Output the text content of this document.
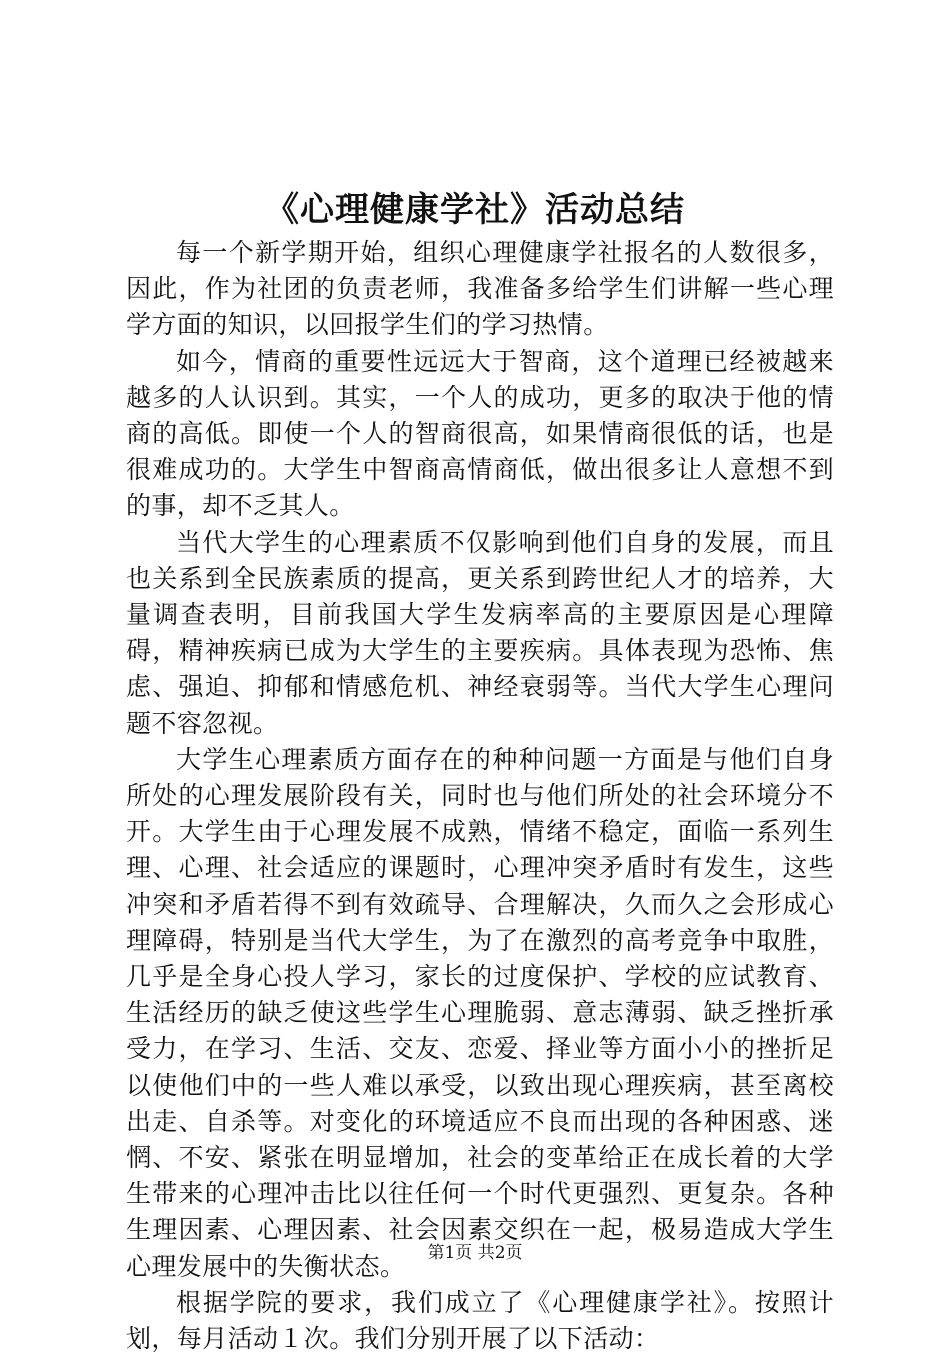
《心理健康学社》活动总结

每一个新学期开始，组织心理健康学社报名的人数很多，因此，作为社团的负责老师，我准备多给学生们讲解一些心理学方面的知识，以回报学生们的学习热情。

如今，情商的重要性远远大于智商，这个道理已经被越来越多的人认识到。其实，一个人的成功，更多的取决于他的情商的高低。即使一个人的智商很高，如果情商很低的话，也是很难成功的。大学生中智商高情商低，做出很多让人意想不到的事，却不乏其人。

当代大学生的心理素质不仅影响到他们自身的发展，而且也关系到全民族素质的提高，更关系到跨世纪人才的培养，大量调查表明，目前我国大学生发病率高的主要原因是心理障碍，精神疾病已成为大学生的主要疾病。具体表现为恐怖、焦虑、强迫、抑郁和情感危机、神经衰弱等。当代大学生心理问题不容忽视。

大学生心理素质方面存在的种种问题一方面是与他们自身所处的心理发展阶段有关，同时也与他们所处的社会环境分不开。大学生由于心理发展不成熟，情绪不稳定，面临一系列生理、心理、社会适应的课题时，心理冲突矛盾时有发生，这些冲突和矛盾若得不到有效疏导、合理解决，久而久之会形成心理障碍，特别是当代大学生，为了在激烈的高考竞争中取胜，几乎是全身心投人学习，家长的过度保护、学校的应试教育、生活经历的缺乏使这些学生心理脆弱、意志薄弱、缺乏挫折承受力，在学习、生活、交友、恋爱、择业等方面小小的挫折足以使他们中的一些人难以承受，以致出现心理疾病，甚至离校出走、自杀等。对变化的环境适应不良而出现的各种困惑、迷惘、不安、紧张在明显增加，社会的变革给正在成长着的大学生带来的心理冲击比以往任何一个时代更强烈、更复杂。各种生理因素、心理因素、社会因素交织在一起，极易造成大学生心理发展中的失衡状态。

根据学院的要求，我们成立了《心理健康学社》。按照计划，每月活动１次。我们分别开展了以下活动：

第1页 共2页
